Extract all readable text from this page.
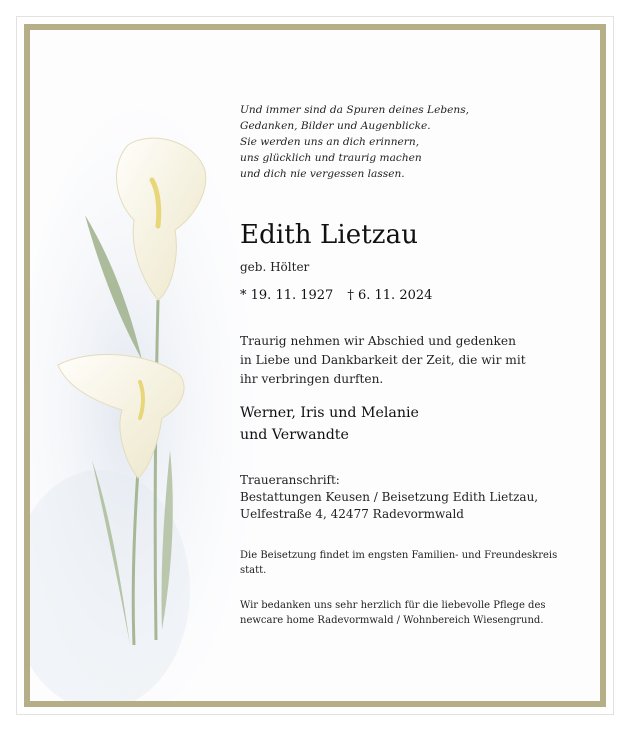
Und immer sind da Spuren deines Lebens,
Gedanken, Bilder und Augenblicke.
Sie werden uns an dich erinnern,
uns glücklich und traurig machen
und dich nie vergessen lassen.
Edith Lietzau
geb. Hölter
* 19. 11. 1927 † 6. 11. 2024
Traurig nehmen wir Abschied und gedenken
in Liebe und Dankbarkeit der Zeit, die wir mit
ihr verbringen durften.
Werner, Iris und Melanie
und Verwandte
Traueranschrift:
Bestattungen Keusen / Beisetzung Edith Lietzau,
Uelfestraße 4, 42477 Radevormwald
Die Beisetzung findet im engsten Familien- und Freundeskreis
statt.
Wir bedanken uns sehr herzlich für die liebevolle Pflege des
newcare home Radevormwald / Wohnbereich Wiesengrund.
